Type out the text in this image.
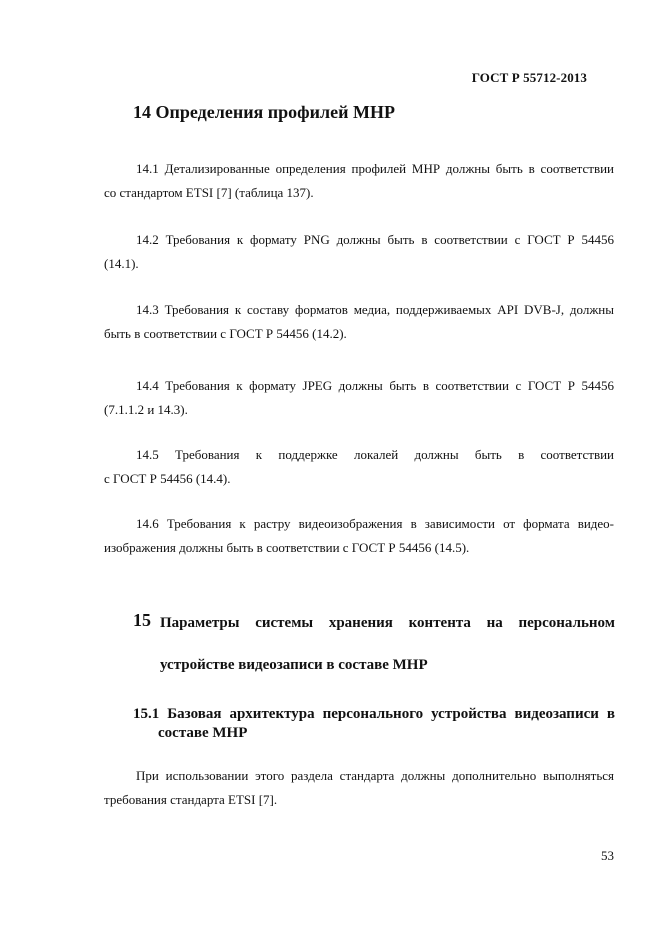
ГОСТ Р 55712-2013
14 Определения профилей МНР

14.1 Детализированные определения профилей МНР должны быть в соответствии
со стандартом ETSI [7] (таблица 137).

14.2 Требования к формату PNG должны быть в соответствии с ГОСТ Р 54456
(14.1).

14.3 Требования к составу форматов медиа, поддерживаемых API DVB-J, должны
быть в соответствии с ГОСТ Р 54456 (14.2).

14.4 Требования к формату JPEG должны быть в соответствии с ГОСТ Р 54456
(7.1.1.2 и 14.3).

14.5 Требования к поддержке локалей должны быть в соответствии
с ГОСТ Р 54456 (14.4).

14.6 Требования к растру видеоизображения в зависимости от формата видео-
изображения должны быть в соответствии с ГОСТ Р 54456 (14.5).

15 Параметры системы хранения контента на персональном
устройстве видеозаписи в составе МНР
15.1 Базовая архитектура персонального устройства видеозаписи в
составе МНР

При использовании этого раздела стандарта должны дополнительно выполняться
требования стандарта ETSI [7].

53
